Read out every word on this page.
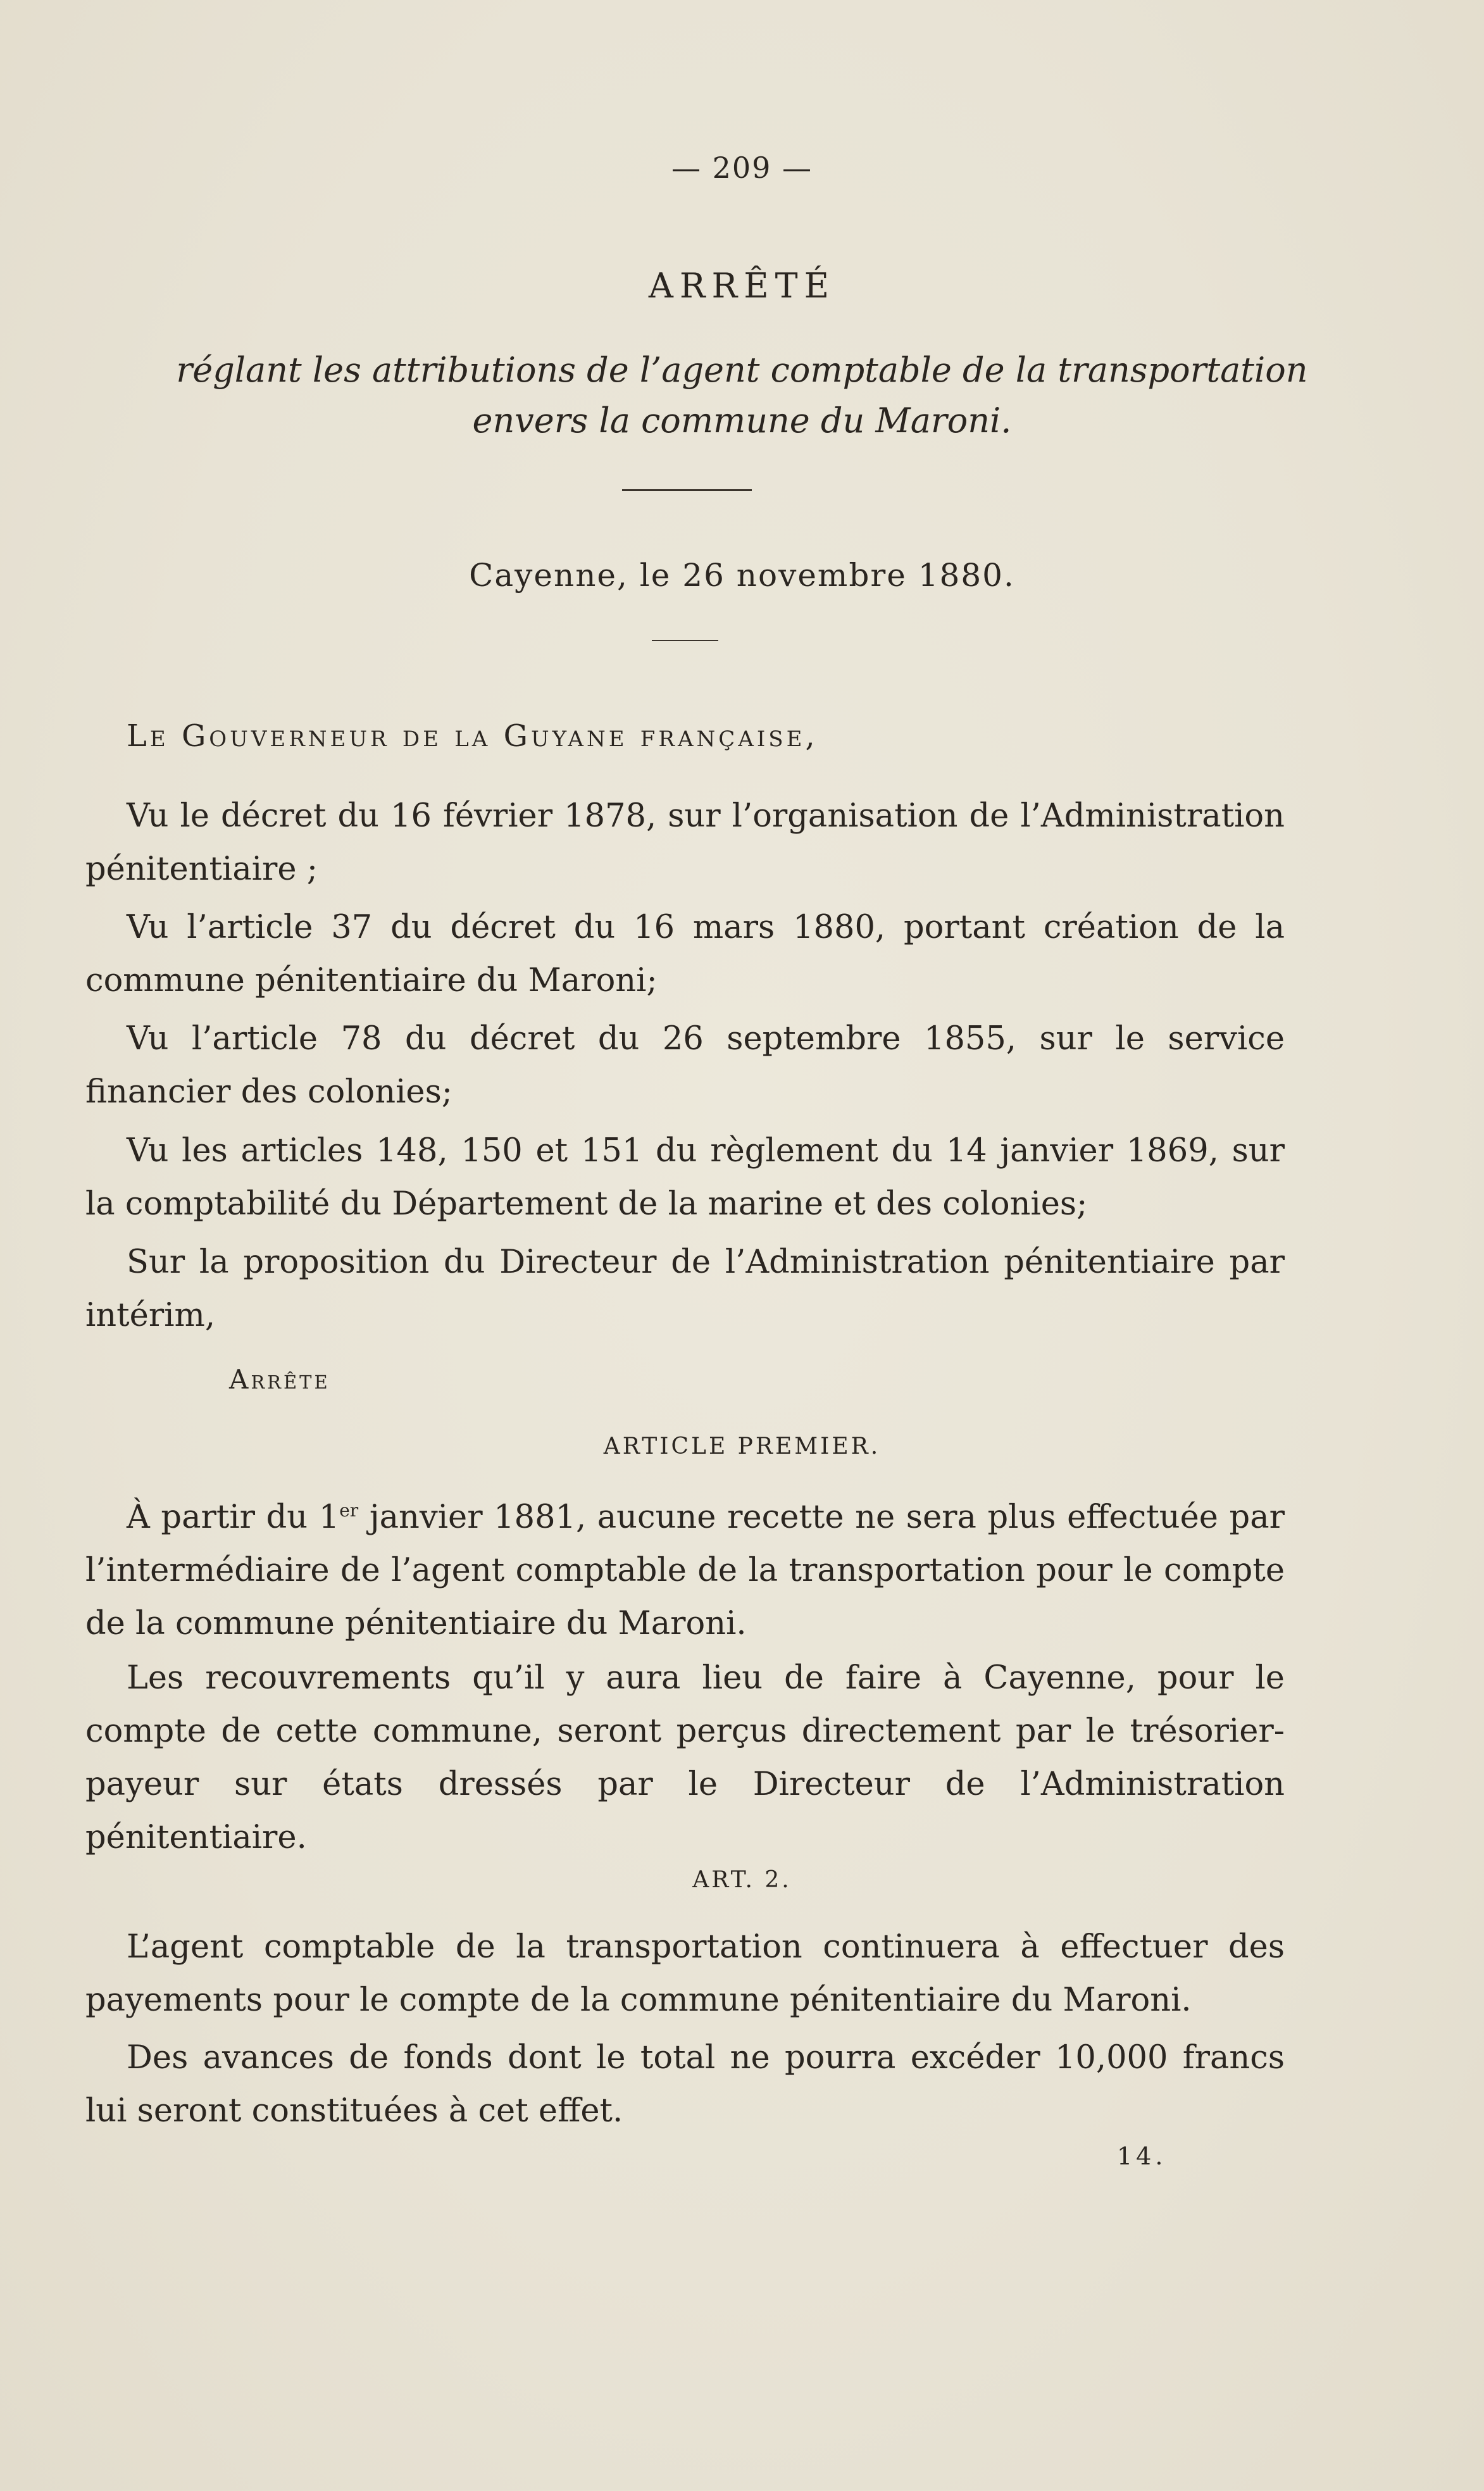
— 209 —
ARRÊTÉ
réglant les attributions de l’agent comptable de la transportation envers la commune du Maroni.
Cayenne, le 26 novembre 1880.
Le Gouverneur de la Guyane française,

Vu le décret du 16 février 1878, sur l’organisation de l’Administration pénitentiaire ;

Vu l’article 37 du décret du 16 mars 1880, portant création de la commune pénitentiaire du Maroni;

Vu l’article 78 du décret du 26 septembre 1855, sur le service financier des colonies;

Vu les articles 148, 150 et 151 du règlement du 14 janvier 1869, sur la comptabilité du Département de la marine et des colonies;

Sur la proposition du Directeur de l’Administration pénitentiaire par intérim,

Arrête
ARTICLE PREMIER.

À partir du 1er janvier 1881, aucune recette ne sera plus effectuée par l’intermédiaire de l’agent comptable de la transportation pour le compte de la commune pénitentiaire du Maroni.

Les recouvrements qu’il y aura lieu de faire à Cayenne, pour le compte de cette commune, seront perçus directement par le trésorier-payeur sur états dressés par le Directeur de l’Administration pénitentiaire.

ART. 2.

L’agent comptable de la transportation continuera à effectuer des payements pour le compte de la commune pénitentiaire du Maroni.

Des avances de fonds dont le total ne pourra excéder 10,000 francs lui seront constituées à cet effet.

14.
